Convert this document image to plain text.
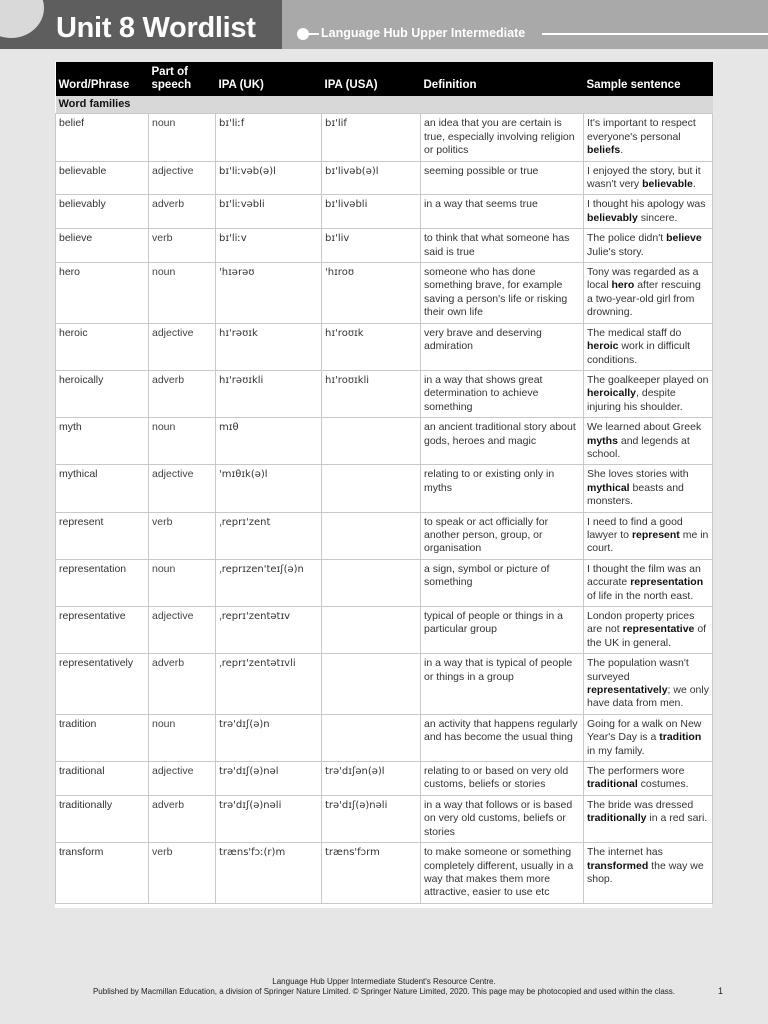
Unit 8 Wordlist	Language Hub Upper Intermediate
Word/Phrase	Part of speech	IPA (UK)	IPA (USA)	Definition	Sample sentence
Word families					
belief	noun	bɪ'liːf	bɪ'lif	an idea that you are certain is true, especially involving religion or politics	It's important to respect everyone's personal beliefs.
believable	adjective	bɪ'liːvəb(ə)l	bɪ'livəb(ə)l	seeming possible or true	I enjoyed the story, but it wasn't very believable.
believably	adverb	bɪ'liːvəbli	bɪ'livəbli	in a way that seems true	I thought his apology was believably sincere.
believe	verb	bɪ'liːv	bɪ'liv	to think that what someone has said is true	The police didn't believe Julie's story.
hero	noun	'hɪərəʊ	'hɪroʊ	someone who has done something brave, for example saving a person's life or risking their own life	Tony was regarded as a local hero after rescuing a two-year-old girl from drowning.
heroic	adjective	hɪ'rəʊɪk	hɪ'roʊɪk	very brave and deserving admiration	The medical staff do heroic work in difficult conditions.
heroically	adverb	hɪ'rəʊɪkli	hɪ'roʊɪkli	in a way that shows great determination to achieve something	The goalkeeper played on heroically, despite injuring his shoulder.
myth	noun	mɪθ		an ancient traditional story about gods, heroes and magic	We learned about Greek myths and legends at school.
mythical	adjective	'mɪθɪk(ə)l		relating to or existing only in myths	She loves stories with mythical beasts and monsters.
represent	verb	ˌreprɪ'zent		to speak or act officially for another person, group, or organisation	I need to find a good lawyer to represent me in court.
representation	noun	ˌreprɪzen'teɪʃ(ə)n		a sign, symbol or picture of something	I thought the film was an accurate representation of life in the north east.
representative	adjective	ˌreprɪ'zentətɪv		typical of people or things in a particular group	London property prices are not representative of the UK in general.
representatively	adverb	ˌreprɪ'zentətɪvli		in a way that is typical of people or things in a group	The population wasn't surveyed representatively; we only have data from men.
tradition	noun	trə'dɪʃ(ə)n		an activity that happens regularly and has become the usual thing	Going for a walk on New Year's Day is a tradition in my family.
traditional	adjective	trə'dɪʃ(ə)nəl	trə'dɪʃən(ə)l	relating to or based on very old customs, beliefs or stories	The performers wore traditional costumes.
traditionally	adverb	trə'dɪʃ(ə)nəli	trə'dɪʃ(ə)nəli	in a way that follows or is based on very old customs, beliefs or stories	The bride was dressed traditionally in a red sari.
transform	verb	træns'fɔː(r)m	træns'fɔrm	to make someone or something completely different, usually in a way that makes them more attractive, easier to use etc	The internet has transformed the way we shop.
Language Hub Upper Intermediate Student's Resource Centre.
Published by Macmillan Education, a division of Springer Nature Limited. © Springer Nature Limited, 2020. This page may be photocopied and used within the class.	1
